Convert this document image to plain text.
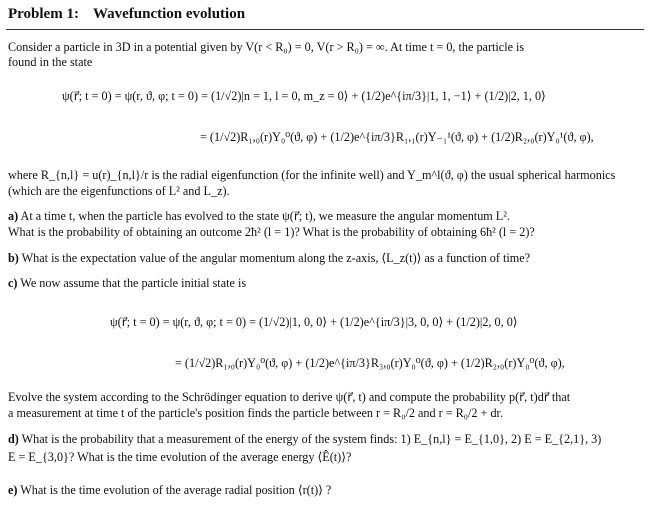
Problem 1: Wavefunction evolution
Consider a particle in 3D in a potential given by V(r < R₀) = 0, V(r > R₀) = ∞. At time t = 0, the particle is
found in the state
ψ(r⃗; t = 0) = ψ(r, ϑ, φ; t = 0) = (1/√2)|n = 1, l = 0, m_z = 0⟩ + (1/2)e^{iπ/3}|1, 1, −1⟩ + (1/2)|2, 1, 0⟩
= (1/√2)R₁,₀(r)Y₀⁰(ϑ, φ) + (1/2)e^{iπ/3}R₁,₁(r)Y₋₁¹(ϑ, φ) + (1/2)R₂,₀(r)Y₀¹(ϑ, φ),
where R_{n,l} = u(r)_{n,l}/r is the radial eigenfunction (for the infinite well) and Y_m^l(ϑ, φ) the usual spherical harmonics
(which are the eigenfunctions of L² and L_z).
a) At a time t, when the particle has evolved to the state ψ(r⃗; t), we measure the angular momentum L².
What is the probability of obtaining an outcome 2ħ² (l = 1)? What is the probability of obtaining 6ħ² (l = 2)?
b) What is the expectation value of the angular momentum along the z-axis, ⟨L_z(t)⟩ as a function of time?
c) We now assume that the particle initial state is
ψ(r⃗; t = 0) = ψ(r, ϑ, φ; t = 0) = (1/√2)|1, 0, 0⟩ + (1/2)e^{iπ/3}|3, 0, 0⟩ + (1/2)|2, 0, 0⟩
= (1/√2)R₁,₀(r)Y₀⁰(ϑ, φ) + (1/2)e^{iπ/3}R₃,₀(r)Y₀⁰(ϑ, φ) + (1/2)R₂,₀(r)Y₀⁰(ϑ, φ),
Evolve the system according to the Schrödinger equation to derive ψ(r⃗, t) and compute the probability p(r⃗, t)dr⃗ that
a measurement at time t of the particle's position finds the particle between r = R₀/2 and r = R₀/2 + dr.
d) What is the probability that a measurement of the energy of the system finds: 1) E_{n,l} = E_{1,0}, 2) E = E_{2,1}, 3)
E = E_{3,0}? What is the time evolution of the average energy ⟨Ê(t)⟩?
e) What is the time evolution of the average radial position ⟨r(t)⟩ ?
